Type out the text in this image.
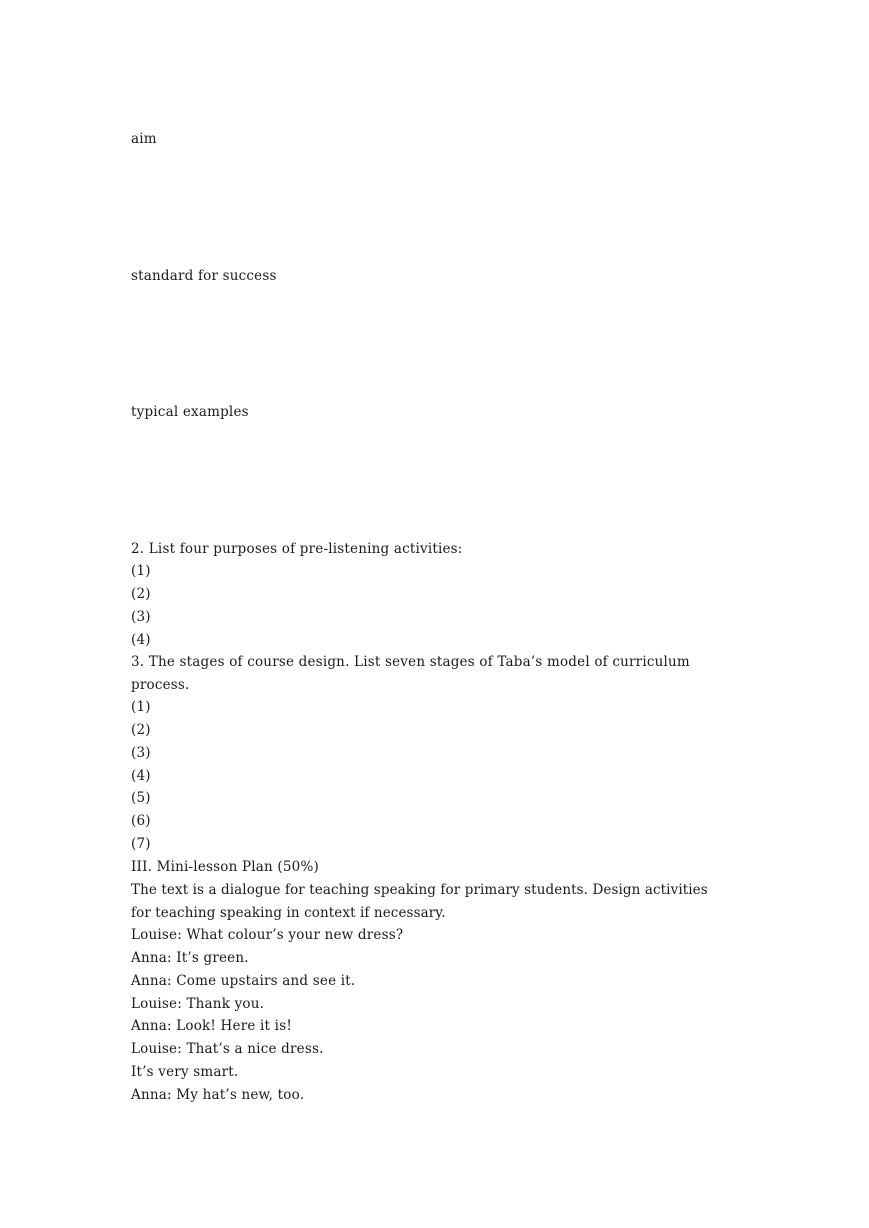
aim
standard for success
typical examples
2. List four purposes of pre-listening activities:
(1)
(2)
(3)
(4)
3. The stages of course design. List seven stages of Taba’s model of curriculum
process.
(1)
(2)
(3)
(4)
(5)
(6)
(7)
III. Mini-lesson Plan (50%)
The text is a dialogue for teaching speaking for primary students. Design activities
for teaching speaking in context if necessary.
Louise: What colour’s your new dress?
Anna: It’s green.
Anna: Come upstairs and see it.
Louise: Thank you.
Anna: Look! Here it is!
Louise: That’s a nice dress.
It’s very smart.
Anna: My hat’s new, too.
